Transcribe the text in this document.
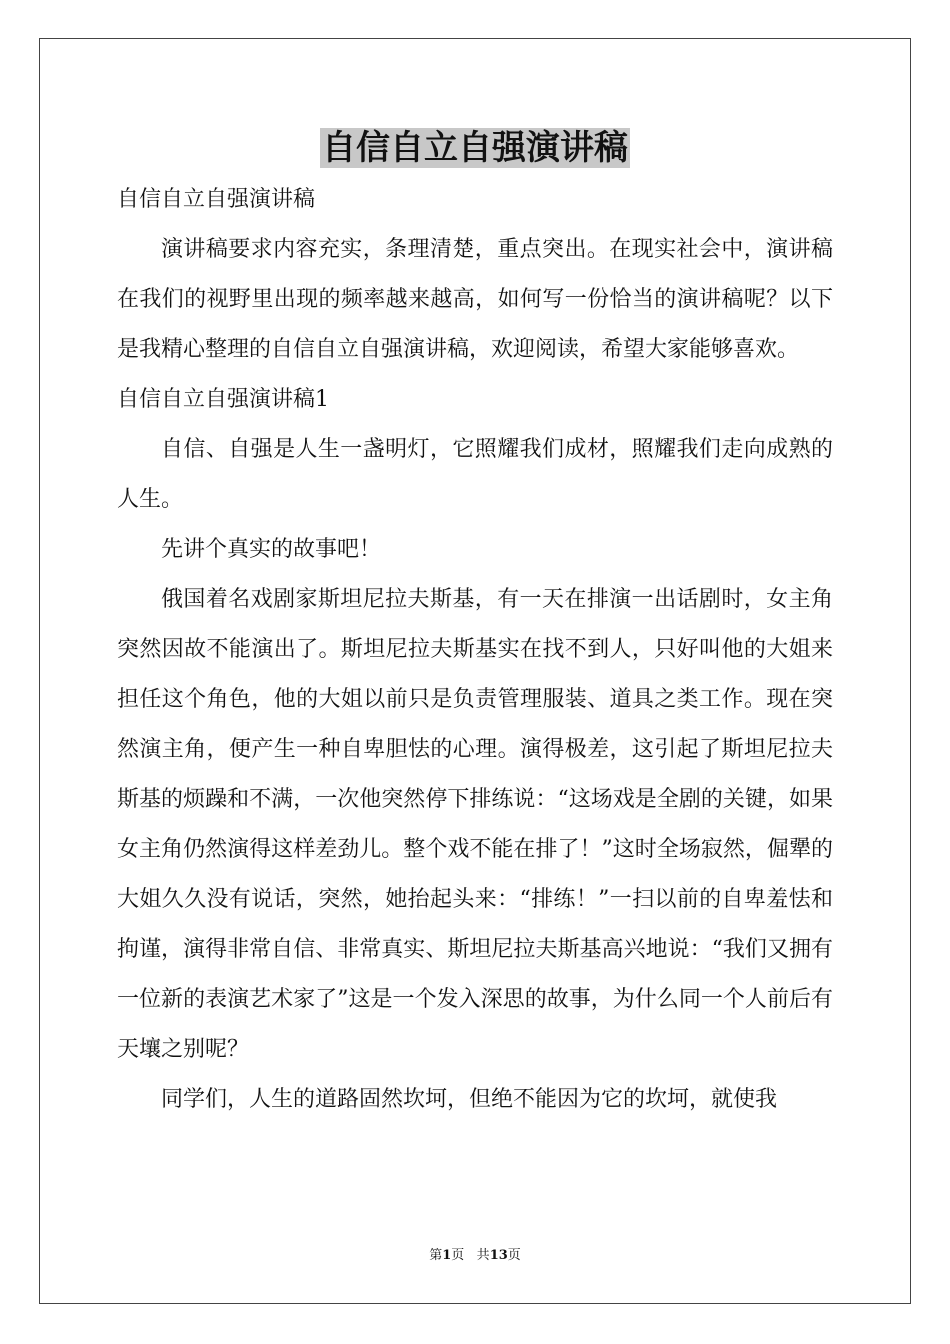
自信自立自强演讲稿

自信自立自强演讲稿

演讲稿要求内容充实，条理清楚，重点突出。在现实社会中，演讲稿在我们的视野里出现的频率越来越高，如何写一份恰当的演讲稿呢？以下是我精心整理的自信自立自强演讲稿，欢迎阅读，希望大家能够喜欢。

自信自立自强演讲稿1

自信、自强是人生一盏明灯，它照耀我们成材，照耀我们走向成熟的人生。

先讲个真实的故事吧！

俄国着名戏剧家斯坦尼拉夫斯基，有一天在排演一出话剧时，女主角突然因故不能演出了。斯坦尼拉夫斯基实在找不到人，只好叫他的大姐来担任这个角色，他的大姐以前只是负责管理服装、道具之类工作。现在突然演主角，便产生一种自卑胆怯的心理。演得极差，这引起了斯坦尼拉夫斯基的烦躁和不满，一次他突然停下排练说：“这场戏是全剧的关键，如果女主角仍然演得这样差劲儿。整个戏不能在排了！”这时全场寂然，倔犟的大姐久久没有说话，突然，她抬起头来：“排练！”一扫以前的自卑羞怯和拘谨，演得非常自信、非常真实、斯坦尼拉夫斯基高兴地说：“我们又拥有一位新的表演艺术家了”这是一个发入深思的故事，为什么同一个人前后有天壤之别呢？

同学们，人生的道路固然坎坷，但绝不能因为它的坎坷，就使我

第1页 共13页
